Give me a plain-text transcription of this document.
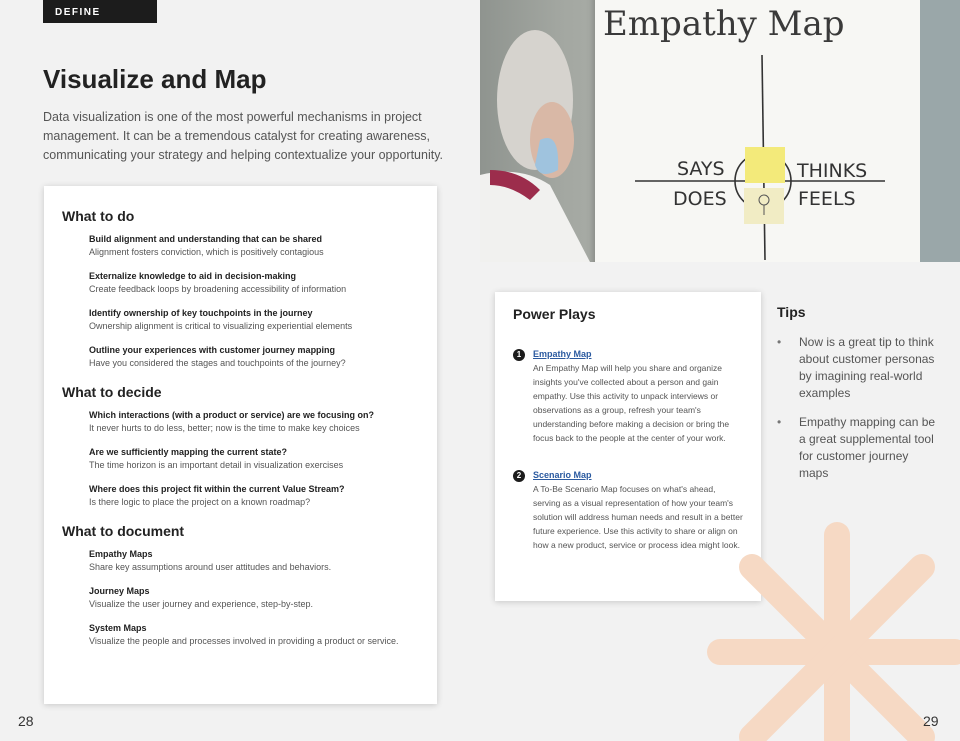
DEFINE
Visualize and Map

Data visualization is one of the most powerful mechanisms in project management. It can be a tremendous catalyst for creating awareness, communicating your strategy and helping contextualize your opportunity.

What to do
Build alignment and understanding that can be shared
Alignment fosters conviction, which is positively contagious
Externalize knowledge to aid in decision-making
Create feedback loops by broadening accessibility of information
Identify ownership of key touchpoints in the journey
Ownership alignment is critical to visualizing experiential elements
Outline your experiences with customer journey mapping
Have you considered the stages and touchpoints of the journey?
What to decide
Which interactions (with a product or service) are we focusing on?
It never hurts to do less, better; now is the time to make key choices
Are we sufficiently mapping the current state?
The time horizon is an important detail in visualization exercises
Where does this project fit within the current Value Stream?
Is there logic to place the project on a known roadmap?
What to document
Empathy Maps
Share key assumptions around user attitudes and behaviors.
Journey Maps
Visualize the user journey and experience, step-by-step.
System Maps
Visualize the people and processes involved in providing a product or service.
Empathy Map
SAYS
DOES
THINKS
FEELS
Power Plays
1	Empathy Map
An Empathy Map will help you share and organize insights you've collected about a person and gain empathy. Use this activity to unpack interviews or observations as a group, refresh your team's understanding before making a decision or bring the focus back to the people at the center of your work.
2	Scenario Map
A To-Be Scenario Map focuses on what's ahead, serving as a visual representation of how your team's solution will address human needs and result in a better future experience. Use this activity to share or align on how a new product, service or process idea might look.
Tips
• Now is a great tip to think about customer personas by imagining real-world examples
• Empathy mapping can be a great supplemental tool for customer journey maps
28	29
